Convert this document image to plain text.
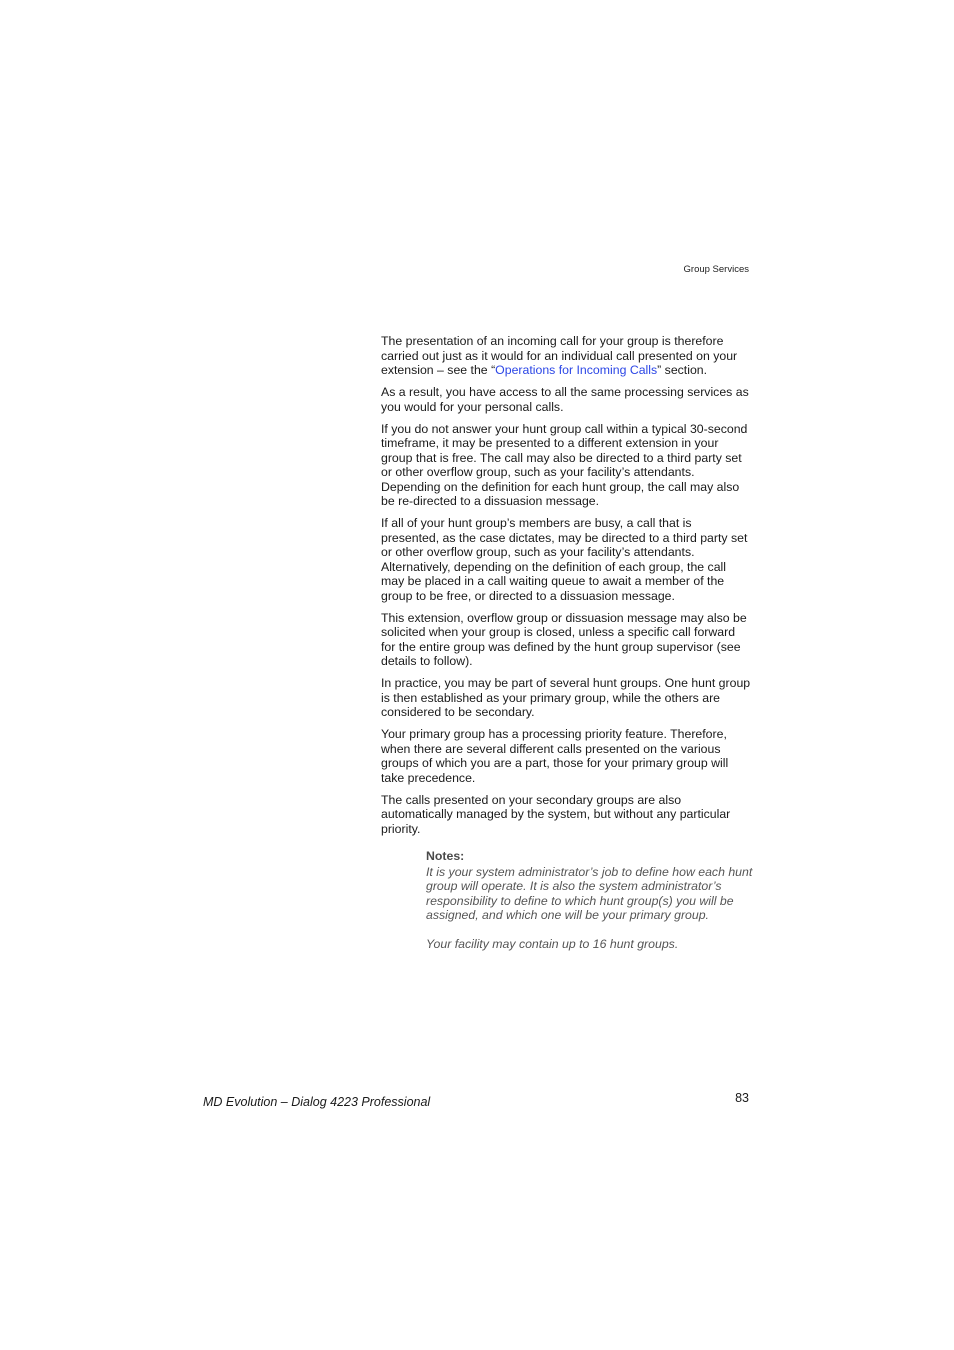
Group Services

The presentation of an incoming call for your group is therefore carried out just as it would for an individual call presented on your extension – see the “Operations for Incoming Calls” section.

As a result, you have access to all the same processing services as you would for your personal calls.

If you do not answer your hunt group call within a typical 30-second timeframe, it may be presented to a different extension in your group that is free. The call may also be directed to a third party set or other overflow group, such as your facility’s attendants. Depending on the definition for each hunt group, the call may also be re-directed to a dissuasion message.

If all of your hunt group’s members are busy, a call that is presented, as the case dictates, may be directed to a third party set or other overflow group, such as your facility’s attendants. Alternatively, depending on the definition of each group, the call may be placed in a call waiting queue to await a member of the group to be free, or directed to a dissuasion message.

This extension, overflow group or dissuasion message may also be solicited when your group is closed, unless a specific call forward for the entire group was defined by the hunt group supervisor (see details to follow).

In practice, you may be part of several hunt groups. One hunt group is then established as your primary group, while the others are considered to be secondary.

Your primary group has a processing priority feature. Therefore, when there are several different calls presented on the various groups of which you are a part, those for your primary group will take precedence.

The calls presented on your secondary groups are also automatically managed by the system, but without any particular priority.

Notes:

It is your system administrator’s job to define how each hunt group will operate. It is also the system administrator’s responsibility to define to which hunt group(s) you will be assigned, and which one will be your primary group.

Your facility may contain up to 16 hunt groups.

MD Evolution – Dialog 4223 Professional	83
